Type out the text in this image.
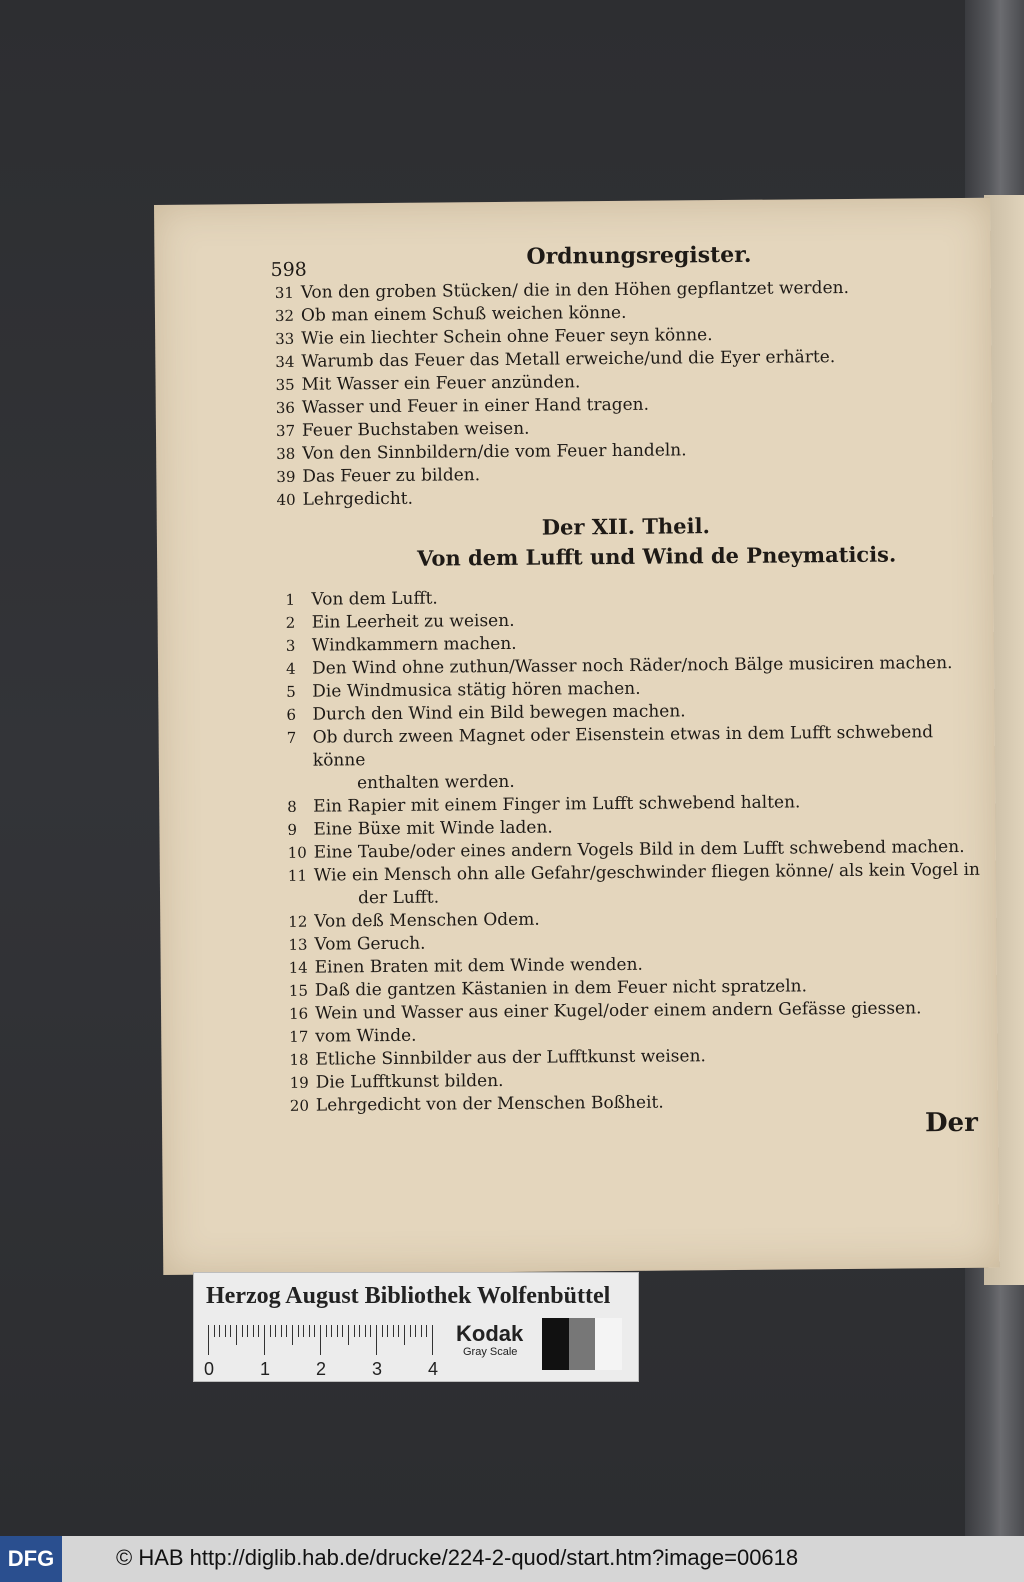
598
Ordnungsregister.
31 Von den groben Stücken/ die in den Höhen gepflantzet werden.
32 Ob man einem Schuß weichen könne.
33 Wie ein liechter Schein ohne Feuer seyn könne.
34 Warumb das Feuer das Metall erweiche/und die Eyer erhärte.
35 Mit Wasser ein Feuer anzünden.
36 Wasser und Feuer in einer Hand tragen.
37 Feuer Buchstaben weisen.
38 Von den Sinnbildern/die vom Feuer handeln.
39 Das Feuer zu bilden.
40 Lehrgedicht.
Der XII. Theil.
Von dem Lufft und Wind de Pneymaticis.
1 Von dem Lufft.
2 Ein Leerheit zu weisen.
3 Windkammern machen.
4 Den Wind ohne zuthun/Wasser noch Räder/noch Bälge musiciren machen.
5 Die Windmusica stätig hören machen.
6 Durch den Wind ein Bild bewegen machen.
7 Ob durch zween Magnet oder Eisenstein etwas in dem Lufft schwebend könne
enthalten werden.
8 Ein Rapier mit einem Finger im Lufft schwebend halten.
9 Eine Büxe mit Winde laden.
10 Eine Taube/oder eines andern Vogels Bild in dem Lufft schwebend machen.
11 Wie ein Mensch ohn alle Gefahr/geschwinder fliegen könne/ als kein Vogel in
der Lufft.
12 Von deß Menschen Odem.
13 Vom Geruch.
14 Einen Braten mit dem Winde wenden.
15 Daß die gantzen Kästanien in dem Feuer nicht spratzeln.
16 Wein und Wasser aus einer Kugel/oder einem andern Gefässe giessen.
17 vom Winde.
18 Etliche Sinnbilder aus der Lufftkunst weisen.
19 Die Lufftkunst bilden.
20 Lehrgedicht von der Menschen Boßheit.
Der
Herzog August Bibliothek Wolfenbüttel
0	1	2	3	4
Kodak
Gray Scale
DFG	© HAB http://diglib.hab.de/drucke/224-2-quod/start.htm?image=00618
